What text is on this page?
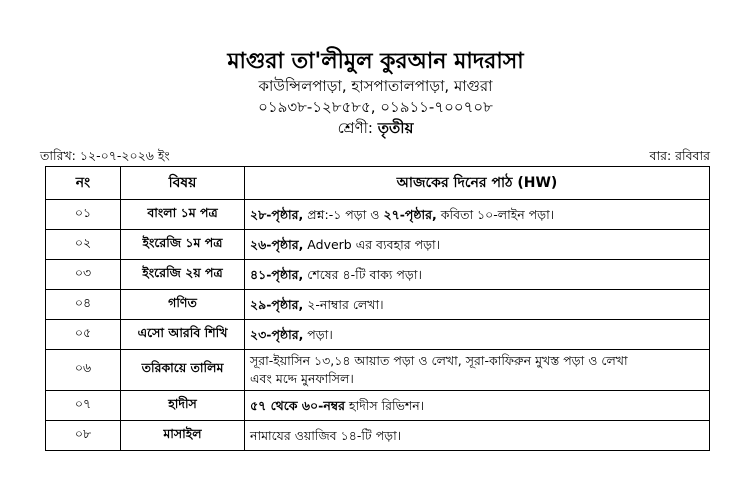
মাগুরা তা'লীমুল কুরআন মাদরাসা
কাউন্সিলপাড়া, হাসপাতালপাড়া, মাগুরা
০১৯৩৮-১২৮৫৮৫, ০১৯১১-৭০০৭০৮
শ্রেণী: তৃতীয়
তারিখ: ১২-০৭-২০২৬ ইং	বার: রবিবার
নং	বিষয়	আজকের দিনের পাঠ (HW)
০১	বাংলা ১ম পত্র	২৮-পৃষ্ঠার, প্রশ্ন:-১ পড়া ও ২৭-পৃষ্ঠার, কবিতা ১০-লাইন পড়া।
০২	ইংরেজি ১ম পত্র	২৬-পৃষ্ঠার, Adverb এর ব্যবহার পড়া।
০৩	ইংরেজি ২য় পত্র	৪১-পৃষ্ঠার, শেষের ৪-টি বাক্য পড়া।
০৪	গণিত	২৯-পৃষ্ঠার, ২-নাম্বার লেখা।
০৫	এসো আরবি শিখি	২৩-পৃষ্ঠার, পড়া।
০৬	তরিকায়ে তালিম	সূরা-ইয়াসিন ১৩,১৪ আয়াত পড়া ও লেখা, সূরা-কাফিরুন মুখস্ত পড়া ও লেখা
এবং মদ্দে মুনফাসিল।

০৭	হাদীস	৫৭ থেকে ৬০-নম্বর হাদীস রিভিশন।
০৮	মাসাইল	নামাযের ওয়াজিব ১৪-টি পড়া।
